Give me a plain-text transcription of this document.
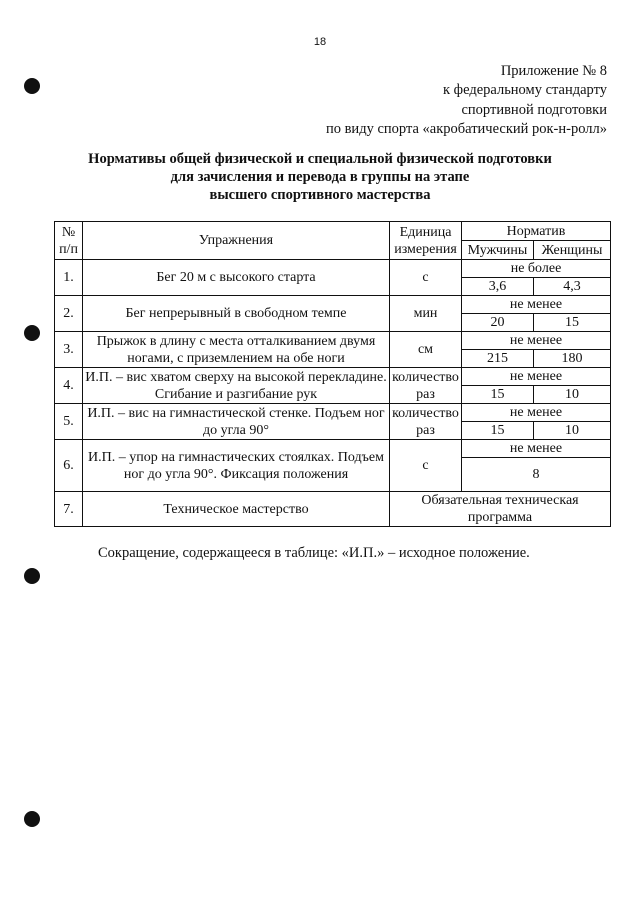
18
Приложение № 8
к федеральному стандарту
спортивной подготовки
по виду спорта «акробатический рок-н-ролл»
Нормативы общей физической и специальной физической подготовки
для зачисления и перевода в группы на этапе
высшего спортивного мастерства
№ п/п	Упражнения	Единица измерения	Норматив	
			Мужчины	Женщины
1.	Бег 20 м с высокого старта	с	не более	
			3,6	4,3
2.	Бег непрерывный в свободном темпе	мин	не менее	
			20	15
3.	Прыжок в длину с места отталкиванием двумя ногами, с приземлением на обе ноги	см	не менее	
			215	180
4.	И.П. – вис хватом сверху на высокой перекладине. Сгибание и разгибание рук	количество раз	не менее	
			15	10
5.	И.П. – вис на гимнастической стенке. Подъем ног до угла 90°	количество раз	не менее	
			15	10
6.	И.П. – упор на гимнастических стоялках. Подъем ног до угла 90°. Фиксация положения	с	не менее	
			8	
7.	Техническое мастерство	Обязательная техническая программа		
Сокращение, содержащееся в таблице: «И.П.» – исходное положение.
